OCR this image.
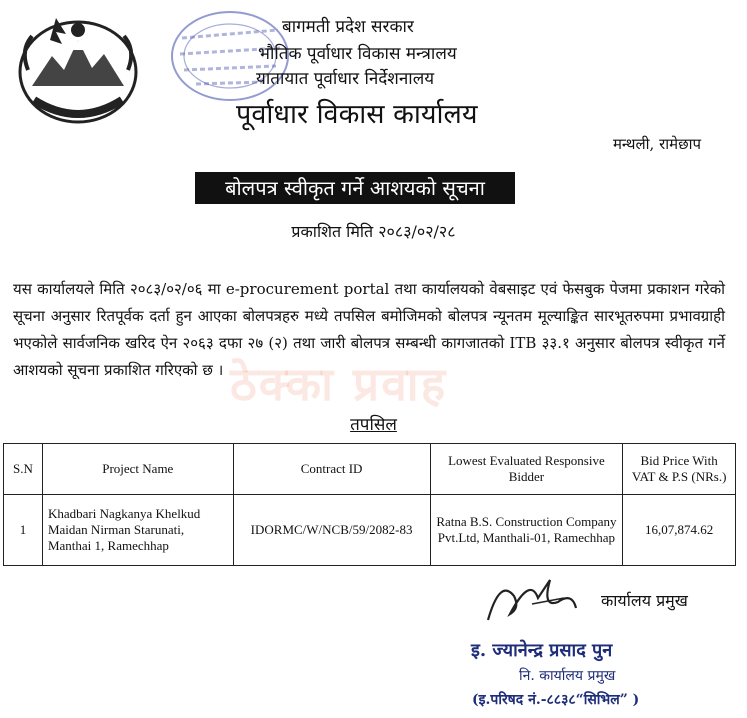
बागमती प्रदेश सरकार
भौतिक पूर्वाधार विकास मन्त्रालय
यातायात पूर्वाधार निर्देशनालय
पूर्वाधार विकास कार्यालय
मन्थली, रामेछाप
बोलपत्र स्वीकृत गर्ने आशयको सूचना
प्रकाशित मिति २०८३/०२/२८
ठेक्का प्रवाह
यस कार्यालयले मिति २०८३/०२/०६ मा e-procurement portal तथा कार्यालयको वेबसाइट एवं फेसबुक पेजमा प्रकाशन गरेको सूचना अनुसार रितपूर्वक दर्ता हुन आएका बोलपत्रहरु मध्ये तपसिल बमोजिमको बोलपत्र न्यूनतम मूल्याङ्कित सारभूतरुपमा प्रभावग्राही भएकोले सार्वजनिक खरिद ऐन २०६३ दफा २७ (२) तथा जारी बोलपत्र सम्बन्धी कागजातको ITB ३३.१ अनुसार बोलपत्र स्वीकृत गर्ने आशयको सूचना प्रकाशित गरिएको छ ।
तपसिल
S.N	Project Name	Contract ID	Lowest Evaluated Responsive Bidder	Bid Price With VAT & P.S (NRs.)
1	Khadbari Nagkanya Khelkud Maidan Nirman Starunati, Manthai 1, Ramechhap	IDORMC/W/NCB/59/2082-83	Ratna B.S. Construction Company Pvt.Ltd, Manthali-01, Ramechhap	16,07,874.62
कार्यालय प्रमुख
इ. ज्यानेन्द्र प्रसाद पुन
नि. कार्यालय प्रमुख
(इ.परिषद नं.-८८३८“सिभिल” )
